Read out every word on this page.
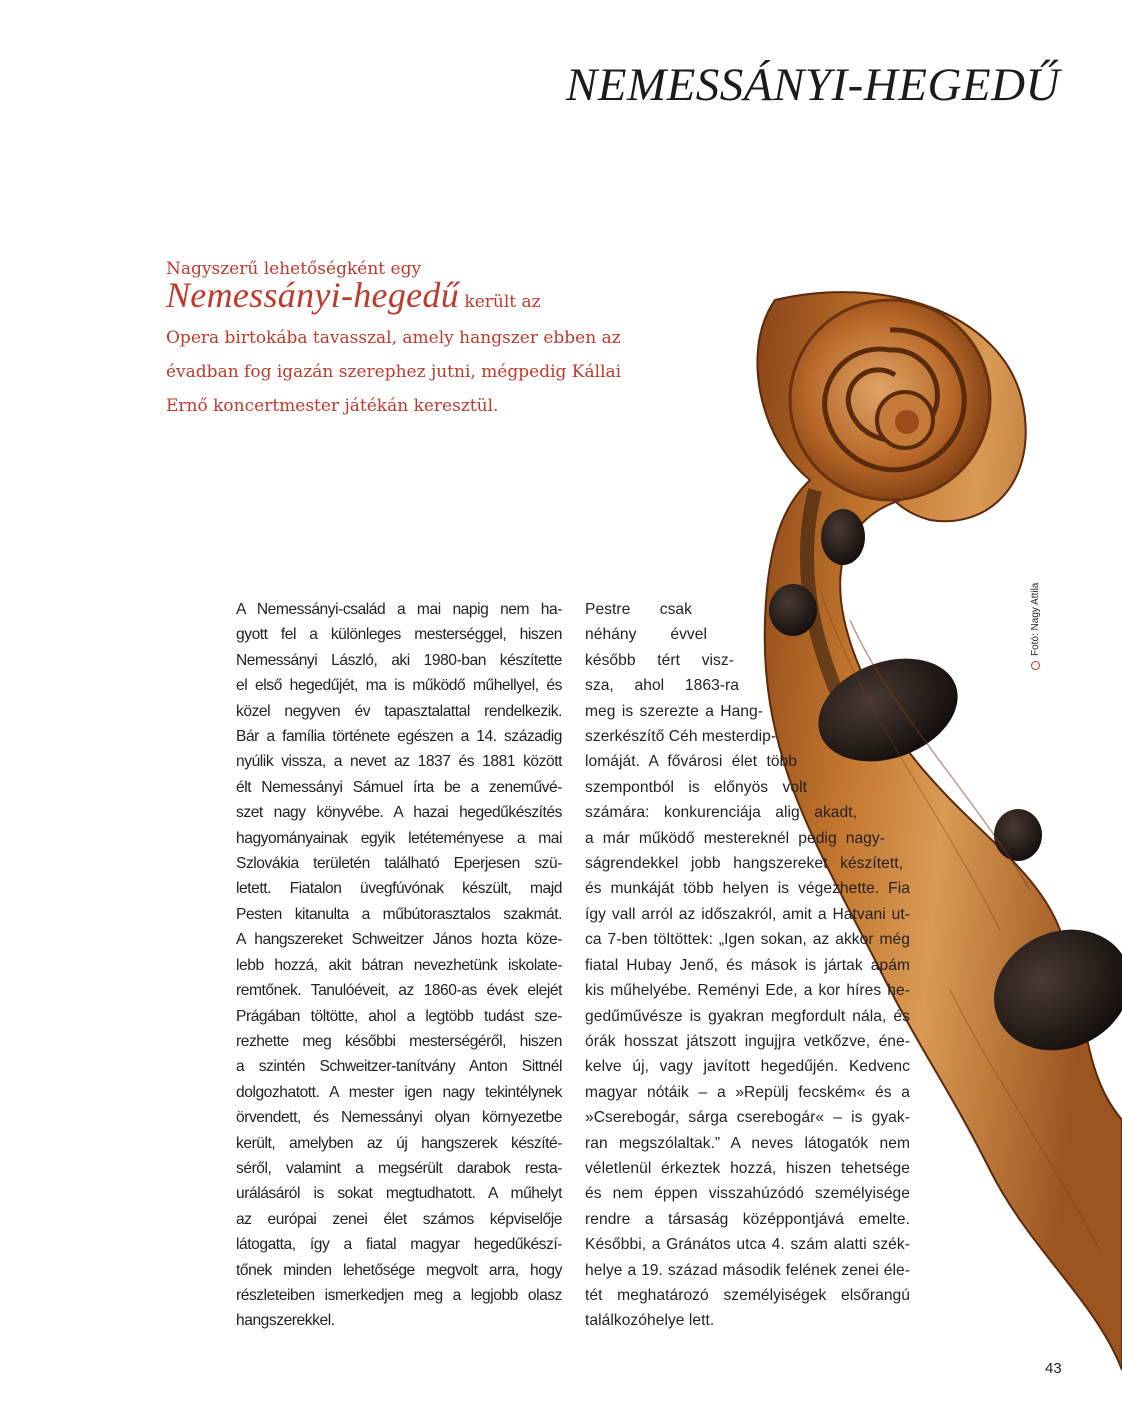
NEMESSÁNYI-HEGEDŰ

Nagyszerű lehetőségként egy
Nemessányi-hegedű került az
Opera birtokába tavasszal, amely hangszer ebben az
évadban fog igazán szerephez jutni, mégpedig Kállai
Ernő koncertmester játékán keresztül.

Fotó: Nagy Attila
A Nemessányi-család a mai napig nem ha-
gyott fel a különleges mesterséggel, hiszen
Nemessányi László, aki 1980-ban készítette
el első hegedűjét, ma is működő műhellyel, és
közel negyven év tapasztalattal rendelkezik.
Bár a família története egészen a 14. századig
nyúlik vissza, a nevet az 1837 és 1881 között
élt Nemessányi Sámuel írta be a zeneművé-
szet nagy könyvébe. A hazai hegedűkészítés
hagyományainak egyik letéteményese a mai
Szlovákia területén található Eperjesen szü-
letett. Fiatalon üvegfúvónak készült, majd
Pesten kitanulta a műbútorasztalos szakmát.
A hangszereket Schweitzer János hozta köze-
lebb hozzá, akit bátran nevezhetünk iskolate-
remtőnek. Tanulóéveit, az 1860-as évek elejét
Prágában töltötte, ahol a legtöbb tudást sze-
rezhette meg későbbi mesterségéről, hiszen
a szintén Schweitzer-tanítvány Anton Sittnél
dolgozhatott. A mester igen nagy tekintélynek
örvendett, és Nemessányi olyan környezetbe
került, amelyben az új hangszerek készíté-
séről, valamint a megsérült darabok resta-
urálásáról is sokat megtudhatott. A műhelyt
az európai zenei élet számos képviselője
látogatta, így a fiatal magyar hegedűkészí-
tőnek minden lehetősége megvolt arra, hogy
részleteiben ismerkedjen meg a legjobb olasz
hangszerekkel.
Pestre csak
néhány évvel
később tért visz-
sza, ahol 1863-ra
meg is szerezte a Hang-
szerkészítő Céh mesterdip-
lomáját. A fővárosi élet több
szempontból is előnyös volt
számára: konkurenciája alig akadt,
a már működő mestereknél pedig nagy-
ságrendekkel jobb hangszereket készített,
és munkáját több helyen is végezhette. Fia
így vall arról az időszakról, amit a Hatvani ut-
ca 7-ben töltöttek: „Igen sokan, az akkor még
fiatal Hubay Jenő, és mások is jártak apám
kis műhelyébe. Reményi Ede, a kor híres he-
gedűművésze is gyakran megfordult nála, és
órák hosszat játszott ingujjra vetkőzve, éne-
kelve új, vagy javított hegedűjén. Kedvenc
magyar nótáik – a »Repülj fecském« és a
»Cserebogár, sárga cserebogár« – is gyak-
ran megszólaltak.” A neves látogatók nem
véletlenül érkeztek hozzá, hiszen tehetsége
és nem éppen visszahúzódó személyisége
rendre a társaság középpontjává emelte.
Későbbi, a Gránátos utca 4. szám alatti szék-
helye a 19. század második felének zenei éle-
tét meghatározó személyiségek elsőrangú
találkozóhelye lett.
43
